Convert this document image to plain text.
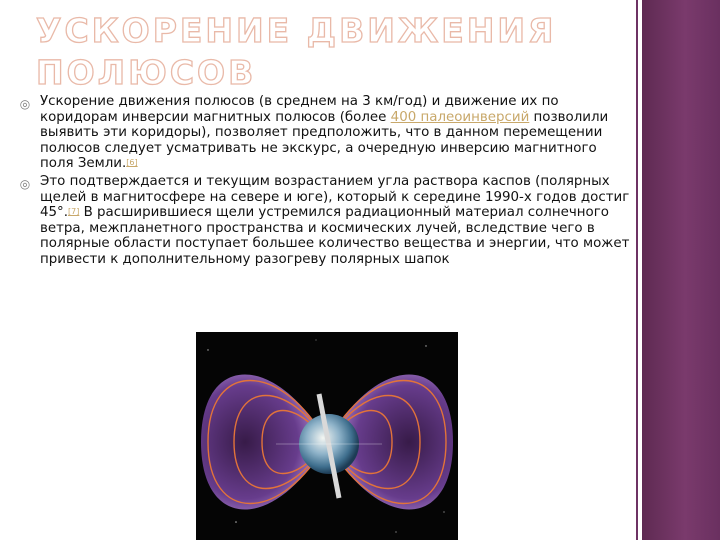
УСКОРЕНИЕ ДВИЖЕНИЯ ПОЛЮСОВ
◎ Ускорение движения полюсов (в среднем на 3 км/год) и движение их по коридорам инверсии магнитных полюсов (более 400 палеоинверсий позволили выявить эти коридоры), позволяет предположить, что в данном перемещении полюсов следует усматривать не экскурс, а очередную инверсию магнитного поля Земли.[6]

◎ Это подтверждается и текущим возрастанием угла раствора каспов (полярных щелей в магнитосфере на севере и юге), который к середине 1990-х годов достиг 45°.[7] В расширившиеся щели устремился радиационный материал солнечного ветра, межпланетного пространства и космических лучей, вследствие чего в полярные области поступает большее количество вещества и энергии, что может привести к дополнительному разогреву полярных шапок
